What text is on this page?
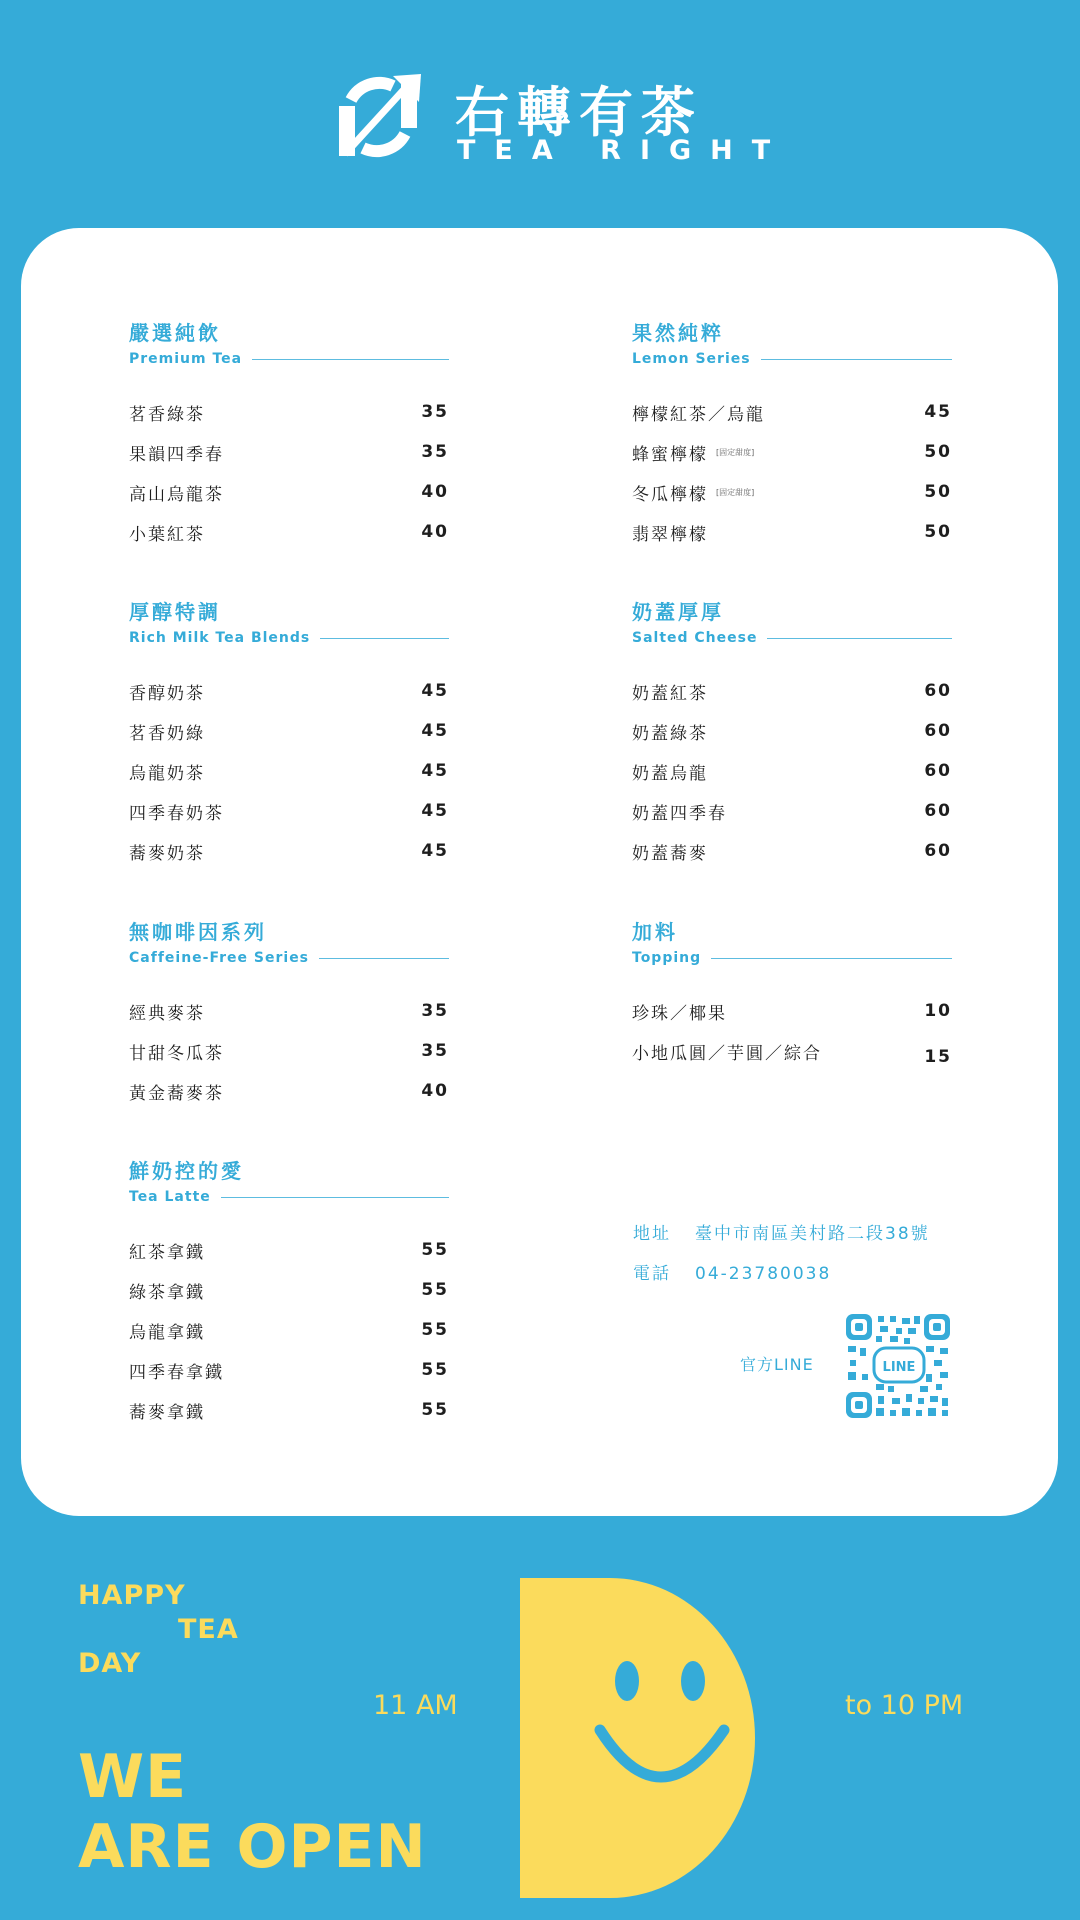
右轉有茶
TEA RIGHT
嚴選純飲
Premium Tea
茗香綠茶	35
果韻四季春	35
高山烏龍茶	40
小葉紅茶	40
果然純粹
Lemon Series
檸檬紅茶／烏龍	45
蜂蜜檸檬 [固定甜度]	50
冬瓜檸檬 [固定甜度]	50
翡翠檸檬	50
厚醇特調
Rich Milk Tea Blends
香醇奶茶	45
茗香奶綠	45
烏龍奶茶	45
四季春奶茶	45
蕎麥奶茶	45
奶蓋厚厚
Salted Cheese
奶蓋紅茶	60
奶蓋綠茶	60
奶蓋烏龍	60
奶蓋四季春	60
奶蓋蕎麥	60
無咖啡因系列
Caffeine-Free Series
經典麥茶	35
甘甜冬瓜茶	35
黃金蕎麥茶	40
加料
Topping
珍珠／椰果	10
小地瓜圓／芋圓／綜合	15
鮮奶控的愛
Tea Latte
紅茶拿鐵	55
綠茶拿鐵	55
烏龍拿鐵	55
四季春拿鐵	55
蕎麥拿鐵	55
地址 臺中市南區美村路二段38號
電話 04-23780038
官方LINE	LINE
HAPPY
TEA
DAY
11 AM	to 10 PM
WE
ARE OPEN
